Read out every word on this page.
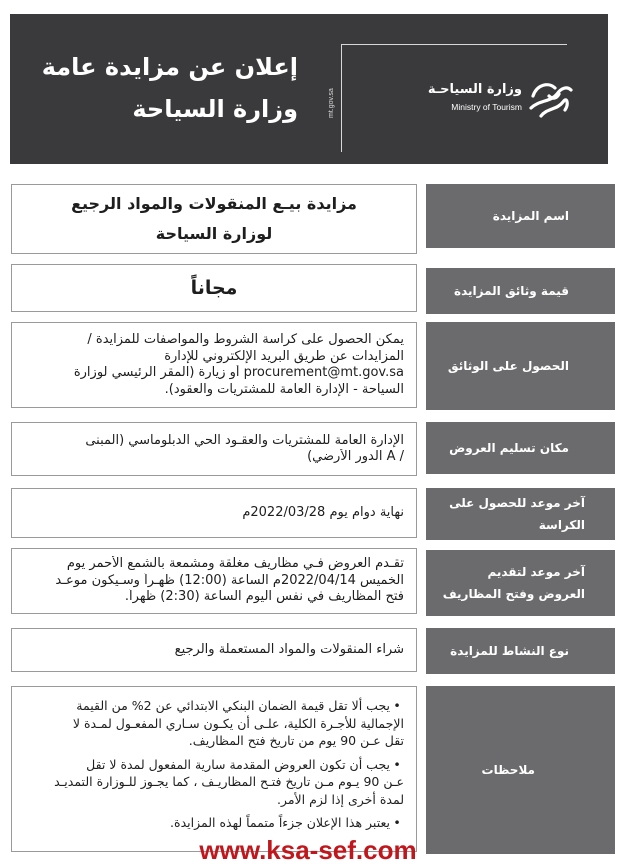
إعلان عن مزايدة عامة
وزارة السياحة	mt.gov.sa	وزارة السياحـة
Ministry of Tourism
اسم المزايدة
مزايدة بيـع المنقولات والمواد الرجيع
لوزارة السياحة
قيمة وثائق المزايدة
مجاناً
الحصول على الوثائق
يمكن الحصول على كراسة الشروط والمواصفات للمزايدة /
المزايدات عن طريق البريد الإلكتروني للإدارة
procurement@mt.gov.sa أو زيارة (المقر الرئيسي لوزارة
السياحة - الإدارة العامة للمشتريات والعقود).
مكان تسليم العروض
الإدارة العامة للمشتريات والعقـود الحي الدبلوماسي (المبنى
/ A الدور الأرضي)
آخر موعد للحصول على
الكراسة
نهاية دوام يوم 2022/03/28م
آخر موعد لتقديم
العروض وفتح المظاريف
تقـدم العروض فـي مظاريف مغلقة ومشمعة بالشمع الأحمر يوم
الخميس 2022/04/14م الساعة (12:00) ظهـراً وسـيكون موعـد
فتح المظاريف في نفس اليوم الساعة (2:30) ظهراً.
نوع النشاط للمزايدة
شراء المنقولات والمواد المستعملة والرجيع
ملاحظات
•يجب ألا تقل قيمة الضمان البنكي الابتدائي عن 2% من القيمة
الإجمالية للأجـرة الكلية، علـى أن يكـون سـاري المفعـول لمـدة لا
تقل عـن 90 يوم من تاريخ فتح المظاريف.
•يجب أن تكون العروض المقدمة سارية المفعول لمدة لا تقل
عـن 90 يـوم مـن تاريخ فتـح المظاريـف ، كما يجـوز للـوزارة التمديـد
لمدة أخرى إذا لزم الأمر.
•يعتبر هذا الإعلان جزءاً متمماً لهذه المزايدة.
www.ksa-sef.com
